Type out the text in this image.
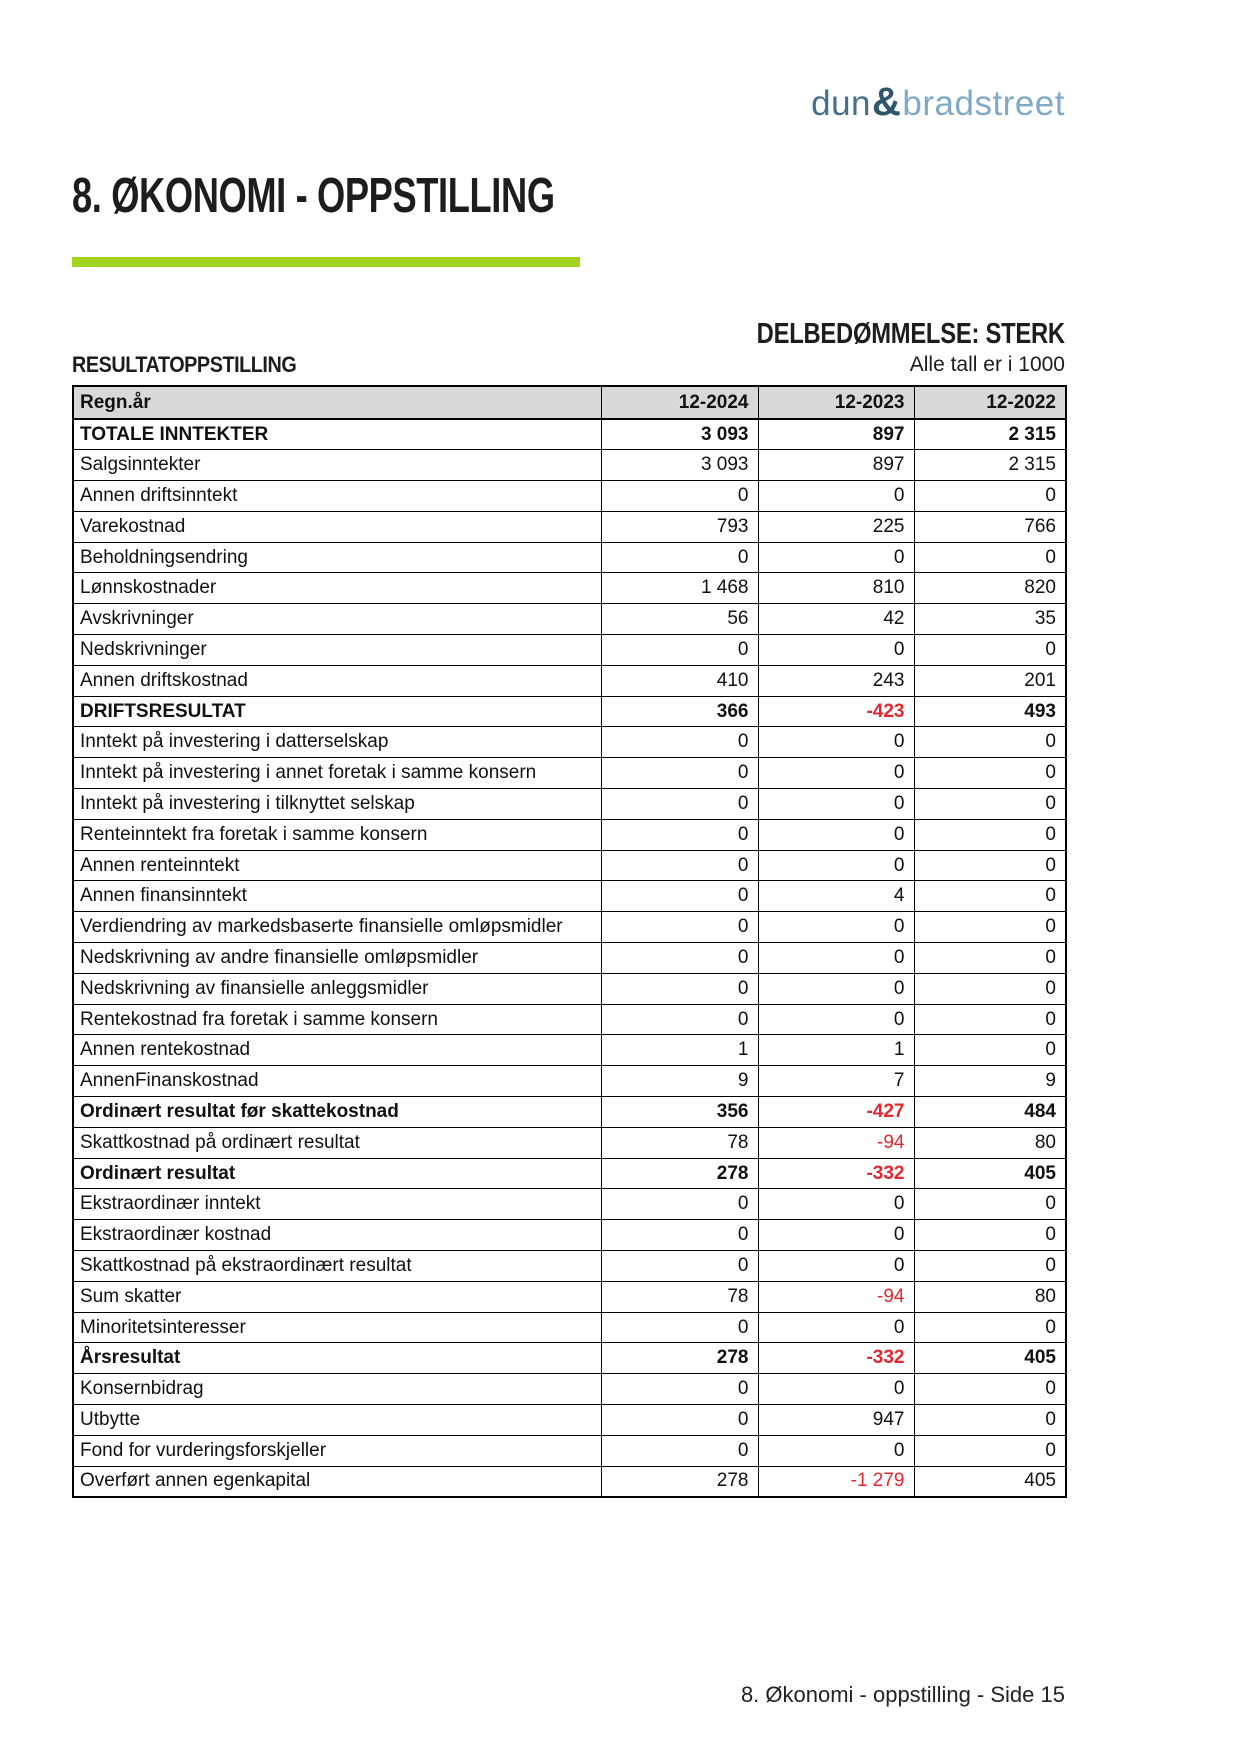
dun&bradstreet
8. ØKONOMI - OPPSTILLING
DELBEDØMMELSE: STERK
RESULTATOPPSTILLING	Alle tall er i 1000
Regn.år	12-2024	12-2023	12-2022
TOTALE INNTEKTER	3 093	897	2 315
Salgsinntekter	3 093	897	2 315
Annen driftsinntekt	0	0	0
Varekostnad	793	225	766
Beholdningsendring	0	0	0
Lønnskostnader	1 468	810	820
Avskrivninger	56	42	35
Nedskrivninger	0	0	0
Annen driftskostnad	410	243	201
DRIFTSRESULTAT	366	-423	493
Inntekt på investering i datterselskap	0	0	0
Inntekt på investering i annet foretak i samme konsern	0	0	0
Inntekt på investering i tilknyttet selskap	0	0	0
Renteinntekt fra foretak i samme konsern	0	0	0
Annen renteinntekt	0	0	0
Annen finansinntekt	0	4	0
Verdiendring av markedsbaserte finansielle omløpsmidler	0	0	0
Nedskrivning av andre finansielle omløpsmidler	0	0	0
Nedskrivning av finansielle anleggsmidler	0	0	0
Rentekostnad fra foretak i samme konsern	0	0	0
Annen rentekostnad	1	1	0
AnnenFinanskostnad	9	7	9
Ordinært resultat før skattekostnad	356	-427	484
Skattkostnad på ordinært resultat	78	-94	80
Ordinært resultat	278	-332	405
Ekstraordinær inntekt	0	0	0
Ekstraordinær kostnad	0	0	0
Skattkostnad på ekstraordinært resultat	0	0	0
Sum skatter	78	-94	80
Minoritetsinteresser	0	0	0
Årsresultat	278	-332	405
Konsernbidrag	0	0	0
Utbytte	0	947	0
Fond for vurderingsforskjeller	0	0	0
Overført annen egenkapital	278	-1 279	405
8. Økonomi - oppstilling - Side 15
